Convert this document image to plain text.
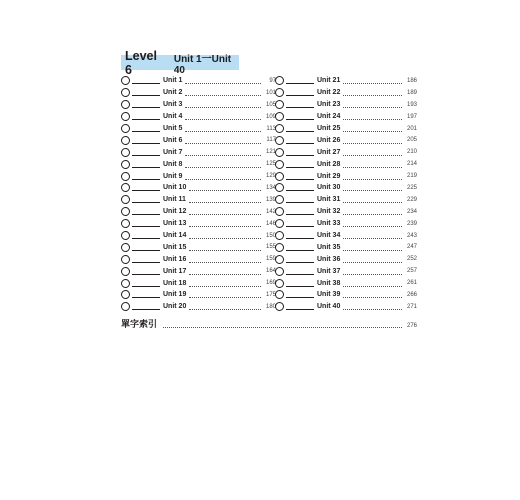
Level 6
Unit 1一Unit 40
Unit 1	97
Unit 2	101
Unit 3	105
Unit 4	109
Unit 5	113
Unit 6	117
Unit 7	121
Unit 8	125
Unit 9	129
Unit 10	134
Unit 11	139
Unit 12	142
Unit 13	146
Unit 14	150
Unit 15	155
Unit 16	159
Unit 17	164
Unit 18	169
Unit 19	175
Unit 20	180
Unit 21	186
Unit 22	189
Unit 23	193
Unit 24	197
Unit 25	201
Unit 26	205
Unit 27	210
Unit 28	214
Unit 29	219
Unit 30	225
Unit 31	229
Unit 32	234
Unit 33	239
Unit 34	243
Unit 35	247
Unit 36	252
Unit 37	257
Unit 38	261
Unit 39	266
Unit 40	271
單字索引	276
